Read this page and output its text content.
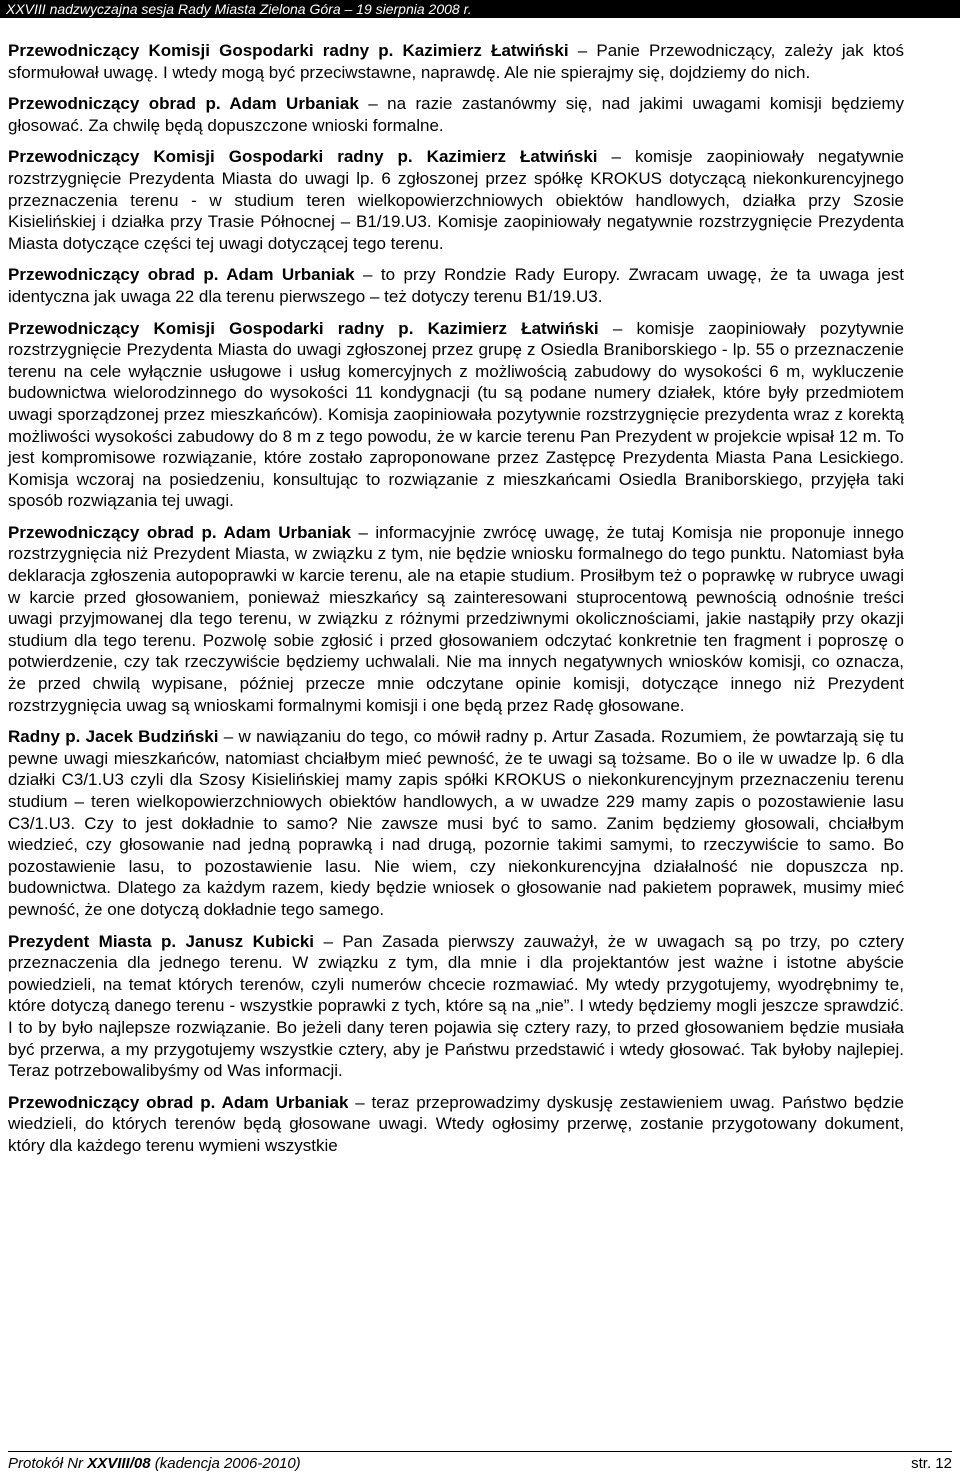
XXVIII nadzwyczajna sesja Rady Miasta Zielona Góra – 19 sierpnia 2008 r.

Przewodniczący Komisji Gospodarki radny p. Kazimierz Łatwiński – Panie Przewodniczący, zależy jak ktoś sformułował uwagę. I wtedy mogą być przeciwstawne, naprawdę. Ale nie spierajmy się, dojdziemy do nich.

Przewodniczący obrad p. Adam Urbaniak – na razie zastanówmy się, nad jakimi uwagami komisji będziemy głosować. Za chwilę będą dopuszczone wnioski formalne.

Przewodniczący Komisji Gospodarki radny p. Kazimierz Łatwiński – komisje zaopiniowały negatywnie rozstrzygnięcie Prezydenta Miasta do uwagi lp. 6 zgłoszonej przez spółkę KROKUS dotyczącą niekonkurencyjnego przeznaczenia terenu - w studium teren wielkopowierzchniowych obiektów handlowych, działka przy Szosie Kisielińskiej i działka przy Trasie Północnej – B1/19.U3. Komisje zaopiniowały negatywnie rozstrzygnięcie Prezydenta Miasta dotyczące części tej uwagi dotyczącej tego terenu.

Przewodniczący obrad p. Adam Urbaniak – to przy Rondzie Rady Europy. Zwracam uwagę, że ta uwaga jest identyczna jak uwaga 22 dla terenu pierwszego – też dotyczy terenu B1/19.U3.

Przewodniczący Komisji Gospodarki radny p. Kazimierz Łatwiński – komisje zaopiniowały pozytywnie rozstrzygnięcie Prezydenta Miasta do uwagi zgłoszonej przez grupę z Osiedla Braniborskiego - lp. 55 o przeznaczenie terenu na cele wyłącznie usługowe i usług komercyjnych z możliwością zabudowy do wysokości 6 m, wykluczenie budownictwa wielorodzinnego do wysokości 11 kondygnacji (tu są podane numery działek, które były przedmiotem uwagi sporządzonej przez mieszkańców). Komisja zaopiniowała pozytywnie rozstrzygnięcie prezydenta wraz z korektą możliwości wysokości zabudowy do 8 m z tego powodu, że w karcie terenu Pan Prezydent w projekcie wpisał 12 m. To jest kompromisowe rozwiązanie, które zostało zaproponowane przez Zastępcę Prezydenta Miasta Pana Lesickiego. Komisja wczoraj na posiedzeniu, konsultując to rozwiązanie z mieszkańcami Osiedla Braniborskiego, przyjęła taki sposób rozwiązania tej uwagi.

Przewodniczący obrad p. Adam Urbaniak – informacyjnie zwrócę uwagę, że tutaj Komisja nie proponuje innego rozstrzygnięcia niż Prezydent Miasta, w związku z tym, nie będzie wniosku formalnego do tego punktu. Natomiast była deklaracja zgłoszenia autopoprawki w karcie terenu, ale na etapie studium. Prosiłbym też o poprawkę w rubryce uwagi w karcie przed głosowaniem, ponieważ mieszkańcy są zainteresowani stuprocentową pewnością odnośnie treści uwagi przyjmowanej dla tego terenu, w związku z różnymi przedziwnymi okolicznościami, jakie nastąpiły przy okazji studium dla tego terenu. Pozwolę sobie zgłosić i przed głosowaniem odczytać konkretnie ten fragment i poproszę o potwierdzenie, czy tak rzeczywiście będziemy uchwalali. Nie ma innych negatywnych wniosków komisji, co oznacza, że przed chwilą wypisane, później przecze mnie odczytane opinie komisji, dotyczące innego niż Prezydent rozstrzygnięcia uwag są wnioskami formalnymi komisji i one będą przez Radę głosowane.

Radny p. Jacek Budziński – w nawiązaniu do tego, co mówił radny p. Artur Zasada. Rozumiem, że powtarzają się tu pewne uwagi mieszkańców, natomiast chciałbym mieć pewność, że te uwagi są tożsame. Bo o ile w uwadze lp. 6 dla działki C3/1.U3 czyli dla Szosy Kisielińskiej mamy zapis spółki KROKUS o niekonkurencyjnym przeznaczeniu terenu studium – teren wielkopowierzchniowych obiektów handlowych, a w uwadze 229 mamy zapis o pozostawienie lasu C3/1.U3. Czy to jest dokładnie to samo? Nie zawsze musi być to samo. Zanim będziemy głosowali, chciałbym wiedzieć, czy głosowanie nad jedną poprawką i nad drugą, pozornie takimi samymi, to rzeczywiście to samo. Bo pozostawienie lasu, to pozostawienie lasu. Nie wiem, czy niekonkurencyjna działalność nie dopuszcza np. budownictwa. Dlatego za każdym razem, kiedy będzie wniosek o głosowanie nad pakietem poprawek, musimy mieć pewność, że one dotyczą dokładnie tego samego.

Prezydent Miasta p. Janusz Kubicki – Pan Zasada pierwszy zauważył, że w uwagach są po trzy, po cztery przeznaczenia dla jednego terenu. W związku z tym, dla mnie i dla projektantów jest ważne i istotne abyście powiedzieli, na temat których terenów, czyli numerów chcecie rozmawiać. My wtedy przygotujemy, wyodrębnimy te, które dotyczą danego terenu - wszystkie poprawki z tych, które są na „nie”. I wtedy będziemy mogli jeszcze sprawdzić. I to by było najlepsze rozwiązanie. Bo jeżeli dany teren pojawia się cztery razy, to przed głosowaniem będzie musiała być przerwa, a my przygotujemy wszystkie cztery, aby je Państwu przedstawić i wtedy głosować. Tak byłoby najlepiej. Teraz potrzebowalibyśmy od Was informacji.

Przewodniczący obrad p. Adam Urbaniak – teraz przeprowadzimy dyskusję zestawieniem uwag. Państwo będzie wiedzieli, do których terenów będą głosowane uwagi. Wtedy ogłosimy przerwę, zostanie przygotowany dokument, który dla każdego terenu wymieni wszystkie

Protokół Nr XXVIII/08 (kadencja 2006-2010)	str. 12
